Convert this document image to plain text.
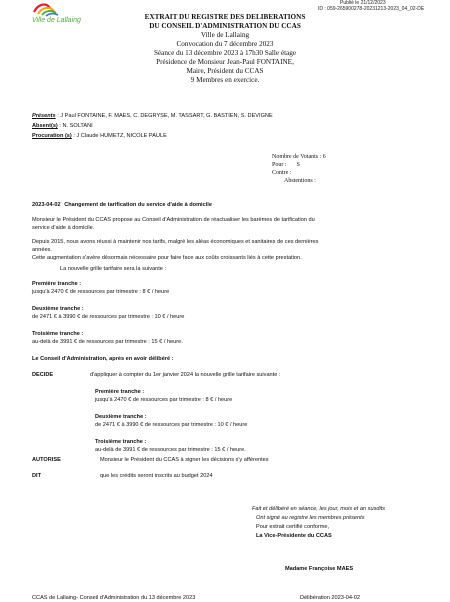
Ville de Lallaing
Publié le 21/12/2023
ID : 059-265900278-20231213-2023_04_02-DE
EXTRAIT DU REGISTRE DES DELIBERATIONS
DU CONSEIL D'ADMINISTRATION DU CCAS
Ville de Lallaing
Convocation du 7 décembre 2023
Séance du 13 décembre 2023 à 17h30 Salle étage
Présidence de Monsieur Jean-Paul FONTAINE,
Maire, Président du CCAS
9 Membres en exercice.
Présents : J Paul FONTAINE, F. MAES, C. DEGRYSE, M. TASSART, G. BASTIEN, S. DEVIGNE
Absent(s) : N. SOLTANI
Procuration (s) : J Claude HUMETZ, NICOLE PAULE
Nombre de Votants : 6
Pour : S
Contre :
Abstentions :
2023-04-02 Changement de tarification du service d'aide à domicile
Monsieur le Président du CCAS propose au Conseil d'Administration de réactualiser les barèmes de tarification du
service d'aide à domicile.
Depuis 2015, nous avons réussi à maintenir nos tarifs, malgré les aléas économiques et sanitaires de ces dernières
années.
Cette augmentation s'avère désormais nécessaire pour faire face aux coûts croissants liés à cette prestation.
La nouvelle grille tarifaire sera la suivante :
Première tranche :
jusqu'à 2470 € de ressources par trimestre : 8 € / heure
Deuxième tranche :
de 2471 € à 3990 € de ressources par trimestre : 10 € / heure
Troisième tranche :
au-delà de 3991 € de ressources par trimestre : 15 € / heure.
Le Conseil d'Administration, après en avoir délibéré :
DECIDE	d'appliquer à compter du 1er janvier 2024 la nouvelle grille tarifaire suivante :
Première tranche :
jusqu'à 2470 € de ressources par trimestre : 8 € / heure
Deuxième tranche :
de 2471 € à 3990 € de ressources par trimestre : 10 € / heure
Troisième tranche :
au-delà de 3991 € de ressources par trimestre : 15 € / heure.
AUTORISE	Monsieur le Président du CCAS à signer les décisions s'y afférentes
DIT	que les crédits seront inscrits au budget 2024
Fait et délibéré en séance, les jour, mois et an susdits
Ont signé au registre les membres présents
Pour extrait certifié conforme,
La Vice-Présidente du CCAS
Madame Françoise MAES
CCAS de Lallaing- Conseil d'Administration du 13 décembre 2023	Délibération 2023-04-02
